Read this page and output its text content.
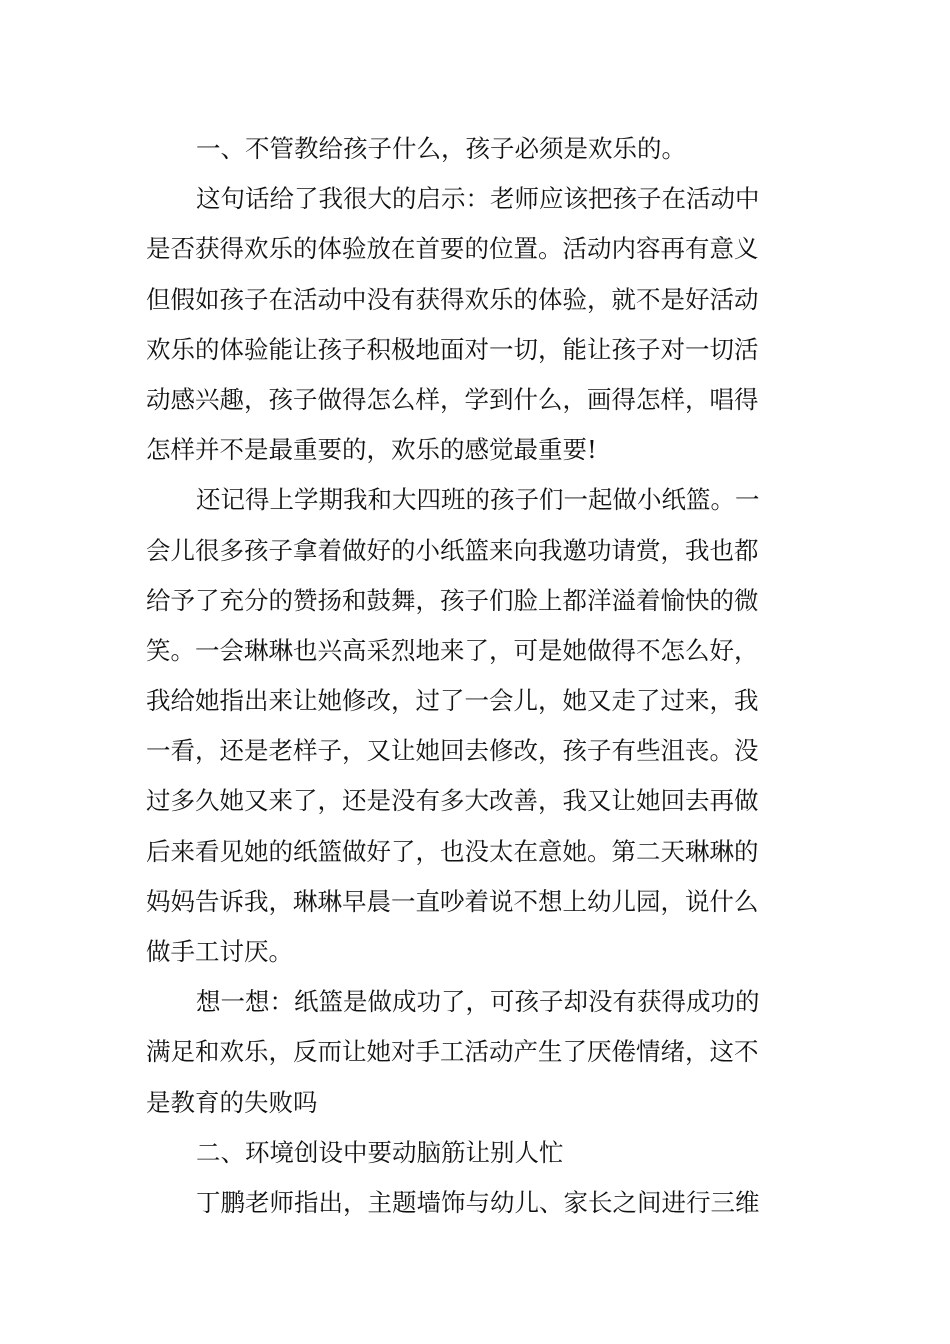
一、不管教给孩子什么，孩子必须是欢乐的。
这句话给了我很大的启示：老师应该把孩子在活动中
是否获得欢乐的体验放在首要的位置。活动内容再有意义
但假如孩子在活动中没有获得欢乐的体验，就不是好活动
欢乐的体验能让孩子积极地面对一切，能让孩子对一切活
动感兴趣，孩子做得怎么样，学到什么，画得怎样，唱得
怎样并不是最重要的，欢乐的感觉最重要!
还记得上学期我和大四班的孩子们一起做小纸篮。一
会儿很多孩子拿着做好的小纸篮来向我邀功请赏，我也都
给予了充分的赞扬和鼓舞，孩子们脸上都洋溢着愉快的微
笑。一会琳琳也兴高采烈地来了，可是她做得不怎么好，
我给她指出来让她修改，过了一会儿，她又走了过来，我
一看，还是老样子，又让她回去修改，孩子有些沮丧。没
过多久她又来了，还是没有多大改善，我又让她回去再做
后来看见她的纸篮做好了，也没太在意她。第二天琳琳的
妈妈告诉我，琳琳早晨一直吵着说不想上幼儿园，说什么
做手工讨厌。
想一想：纸篮是做成功了，可孩子却没有获得成功的
满足和欢乐，反而让她对手工活动产生了厌倦情绪，这不
是教育的失败吗
二、环境创设中要动脑筋让别人忙
丁鹏老师指出，主题墙饰与幼儿、家长之间进行三维
